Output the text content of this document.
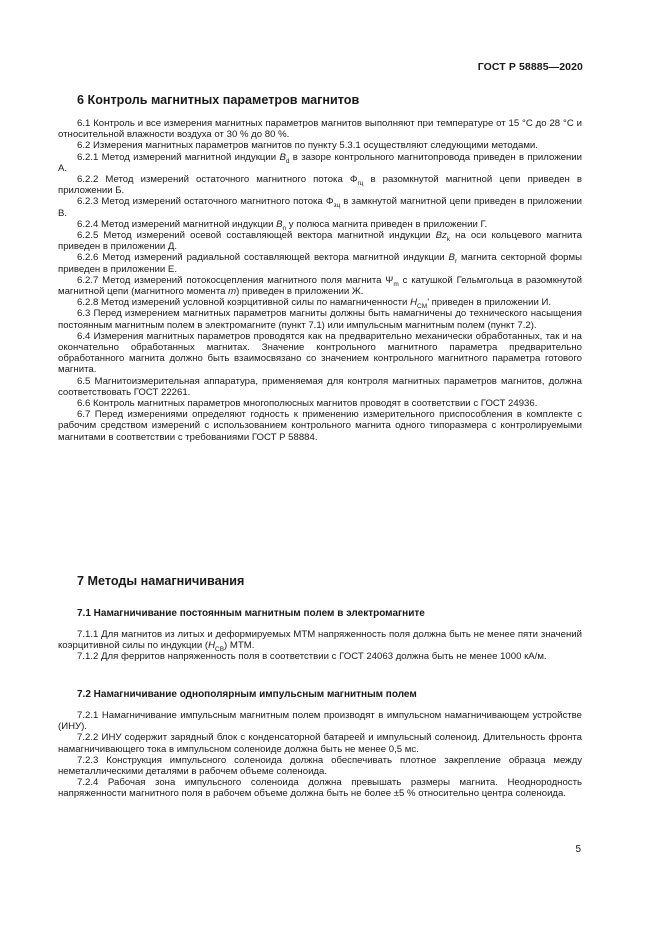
ГОСТ Р 58885—2020
6 Контроль магнитных параметров магнитов

6.1 Контроль и все измерения магнитных параметров магнитов выполняют при температуре от 15 °С до 28 °С и относительной влажности воздуха от 30 % до 80 %.

6.2 Измерения магнитных параметров магнитов по пункту 5.3.1 осуществляют следующими методами.

6.2.1 Метод измерений магнитной индукции $B_d$ в зазоре контрольного магнитопровода приведен в приложении А.

6.2.2 Метод измерений остаточного магнитного потока $\Phi_{rц}$ в разомкнутой магнитной цепи приведен в приложении Б.

6.2.3 Метод измерений остаточного магнитного потока $\Phi_{зц}$ в замкнутой магнитной цепи приведен в приложении В.

6.2.4 Метод измерений магнитной индукции $B_n$ у полюса магнита приведен в приложении Г.

6.2.5 Метод измерений осевой составляющей вектора магнитной индукции $Bz_k$ на оси кольцевого магнита приведен в приложении Д.

6.2.6 Метод измерений радиальной составляющей вектора магнитной индукции $B_r$ магнита секторной формы приведен в приложении Е.

6.2.7 Метод измерений потокосцепления магнитного поля магнита $\Psi_m$ с катушкой Гельмгольца в разомкнутой магнитной цепи (магнитного момента m) приведен в приложении Ж.

6.2.8 Метод измерений условной коэрцитивной силы по намагниченности $H_{CM}$’ приведен в приложении И.

6.3 Перед измерением магнитных параметров магниты должны быть намагничены до технического насыщения постоянным магнитным полем в электромагните (пункт 7.1) или импульсным магнитным полем (пункт 7.2).

6.4 Измерения магнитных параметров проводятся как на предварительно механически обработанных, так и на окончательно обработанных магнитах. Значение контрольного магнитного параметра предварительно обработанного магнита должно быть взаимосвязано со значением контрольного магнитного параметра готового магнита.

6.5 Магнитоизмерительная аппаратура, применяемая для контроля магнитных параметров магнитов, должна соответствовать ГОСТ 22261.

6.6 Контроль магнитных параметров многополюсных магнитов проводят в соответствии с ГОСТ 24936.

6.7 Перед измерениями определяют годность к применению измерительного приспособления в комплекте с рабочим средством измерений с использованием контрольного магнита одного типоразмера с контролируемыми магнитами в соответствии с требованиями ГОСТ Р 58884.

7 Методы намагничивания
7.1 Намагничивание постоянным магнитным полем в электромагните

7.1.1 Для магнитов из литых и деформируемых МТМ напряженность поля должна быть не менее пяти значений коэрцитивной силы по индукции $(H_{CB})$ МТМ.

7.1.2 Для ферритов напряженность поля в соответствии с ГОСТ 24063 должна быть не менее 1000 кА/м.

7.2 Намагничивание однополярным импульсным магнитным полем

7.2.1 Намагничивание импульсным магнитным полем производят в импульсном намагничивающем устройстве (ИНУ).

7.2.2 ИНУ содержит зарядный блок с конденсаторной батареей и импульсный соленоид. Длительность фронта намагничивающего тока в импульсном соленоиде должна быть не менее 0,5 мс.

7.2.3 Конструкция импульсного соленоида должна обеспечивать плотное закрепление образца между неметаллическими деталями в рабочем объеме соленоида.

7.2.4 Рабочая зона импульсного соленоида должна превышать размеры магнита. Неоднородность напряженности магнитного поля в рабочем объеме должна быть не более ±5 % относительно центра соленоида.

5
